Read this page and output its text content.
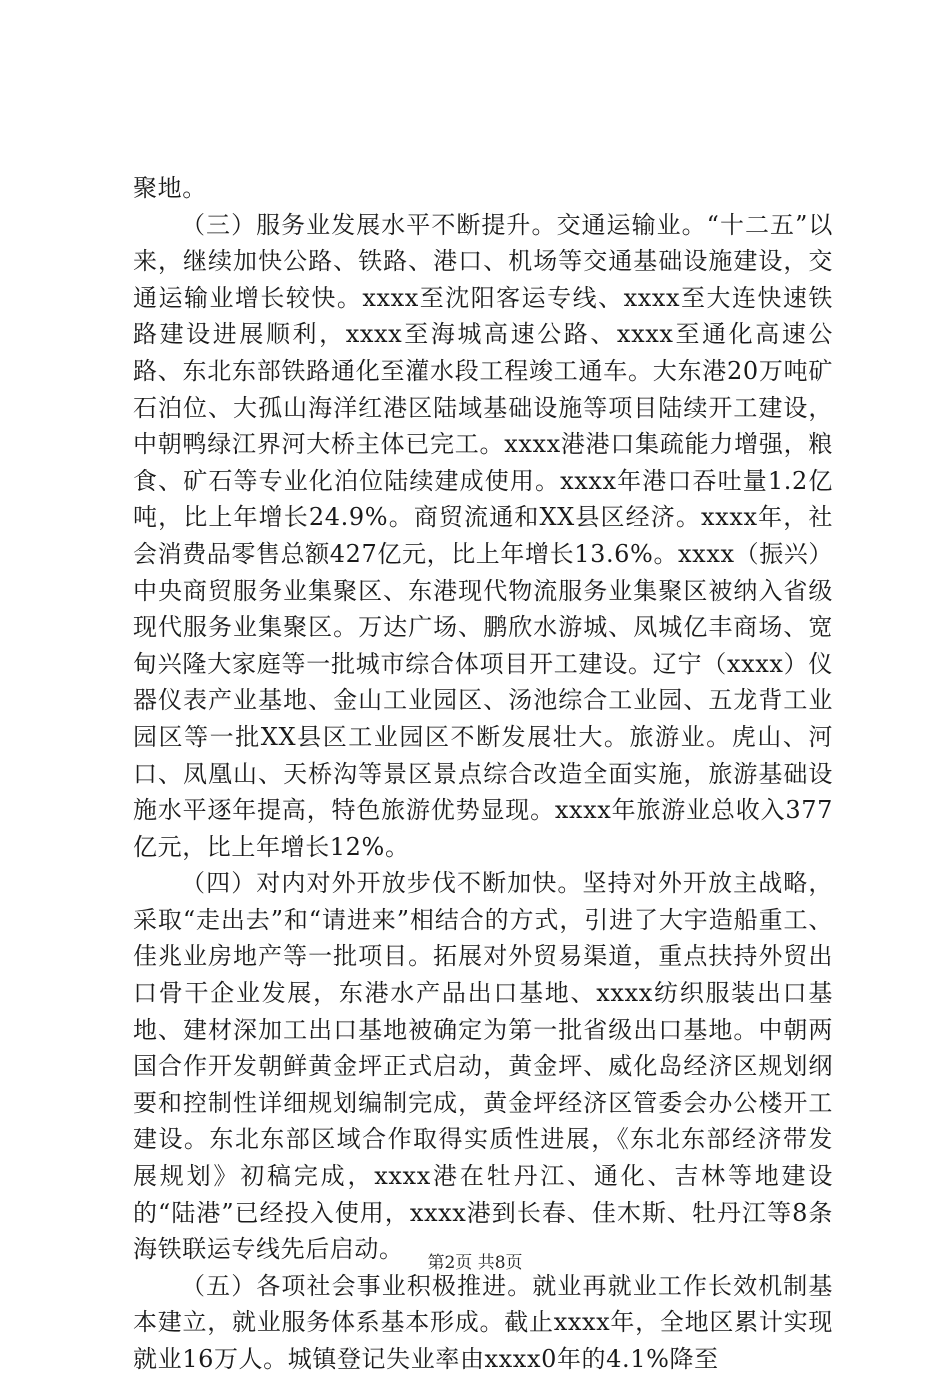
聚地。

（三）服务业发展水平不断提升。交通运输业。“十二五”以来，继续加快公路、铁路、港口、机场等交通基础设施建设，交通运输业增长较快。xxxx至沈阳客运专线、xxxx至大连快速铁路建设进展顺利，xxxx至海城高速公路、xxxx至通化高速公路、东北东部铁路通化至灌水段工程竣工通车。大东港20万吨矿石泊位、大孤山海洋红港区陆域基础设施等项目陆续开工建设，中朝鸭绿江界河大桥主体已完工。xxxx港港口集疏能力增强，粮食、矿石等专业化泊位陆续建成使用。xxxx年港口吞吐量1.2亿吨，比上年增长24.9%。商贸流通和XX县区经济。xxxx年，社会消费品零售总额427亿元，比上年增长13.6%。xxxx（振兴）中央商贸服务业集聚区、东港现代物流服务业集聚区被纳入省级现代服务业集聚区。万达广场、鹏欣水游城、凤城亿丰商场、宽甸兴隆大家庭等一批城市综合体项目开工建设。辽宁（xxxx）仪器仪表产业基地、金山工业园区、汤池综合工业园、五龙背工业园区等一批XX县区工业园区不断发展壮大。旅游业。虎山、河口、凤凰山、天桥沟等景区景点综合改造全面实施，旅游基础设施水平逐年提高，特色旅游优势显现。xxxx年旅游业总收入377亿元，比上年增长12%。

（四）对内对外开放步伐不断加快。坚持对外开放主战略，采取“走出去”和“请进来”相结合的方式，引进了大宇造船重工、佳兆业房地产等一批项目。拓展对外贸易渠道，重点扶持外贸出口骨干企业发展，东港水产品出口基地、xxxx纺织服装出口基地、建材深加工出口基地被确定为第一批省级出口基地。中朝两国合作开发朝鲜黄金坪正式启动，黄金坪、威化岛经济区规划纲要和控制性详细规划编制完成，黄金坪经济区管委会办公楼开工建设。东北东部区域合作取得实质性进展，《东北东部经济带发展规划》初稿完成，xxxx港在牡丹江、通化、吉林等地建设的“陆港”已经投入使用，xxxx港到长春、佳木斯、牡丹江等8条海铁联运专线先后启动。

（五）各项社会事业积极推进。就业再就业工作长效机制基本建立，就业服务体系基本形成。截止xxxx年，全地区累计实现就业16万人。城镇登记失业率由xxxx0年的4.1%降至

第2页 共8页
